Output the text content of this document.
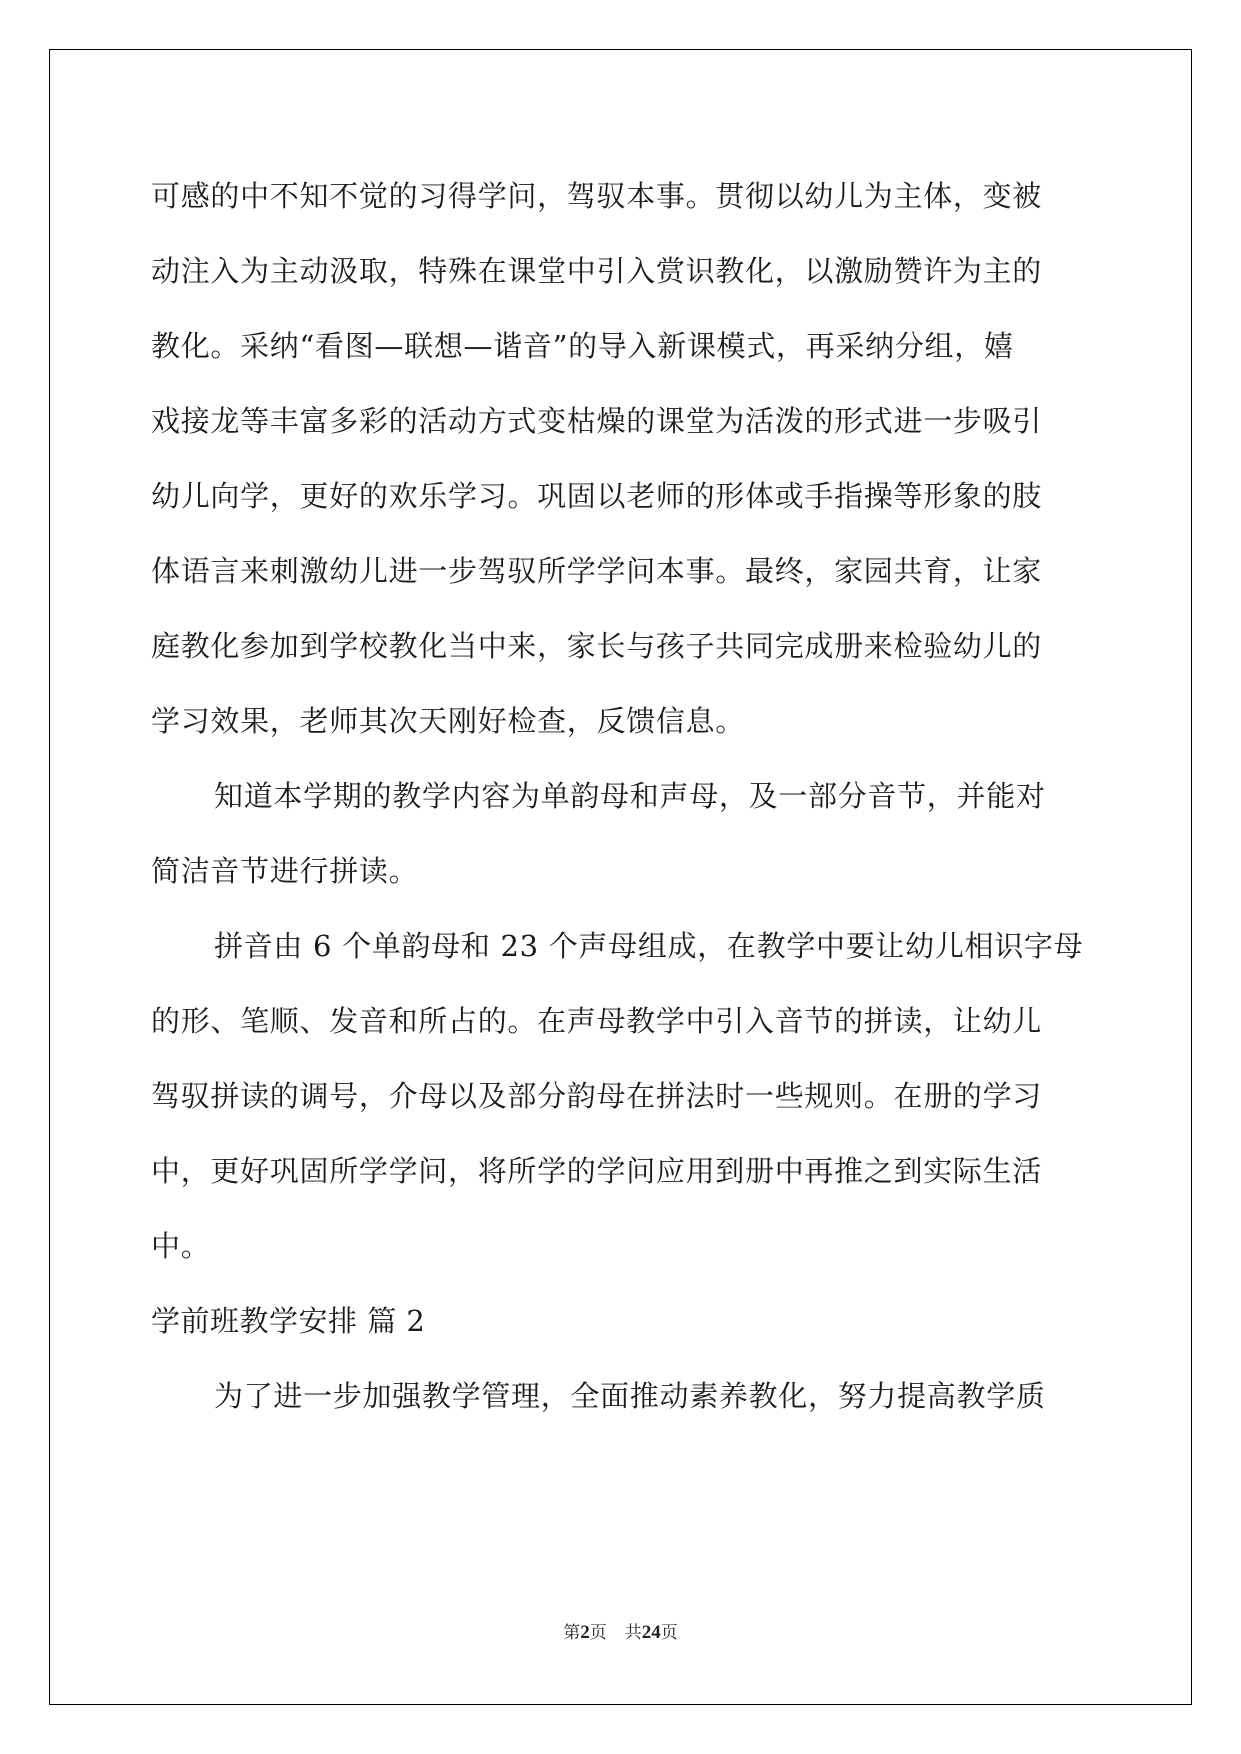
可感的中不知不觉的习得学问，驾驭本事。贯彻以幼儿为主体，变被
动注入为主动汲取，特殊在课堂中引入赏识教化，以激励赞许为主的
教化。采纳“看图—联想—谐音”的导入新课模式，再采纳分组，嬉
戏接龙等丰富多彩的活动方式变枯燥的课堂为活泼的形式进一步吸引
幼儿向学，更好的欢乐学习。巩固以老师的形体或手指操等形象的肢
体语言来刺激幼儿进一步驾驭所学学问本事。最终，家园共育，让家
庭教化参加到学校教化当中来，家长与孩子共同完成册来检验幼儿的
学习效果，老师其次天刚好检查，反馈信息。
知道本学期的教学内容为单韵母和声母，及一部分音节，并能对
简洁音节进行拼读。
拼音由 6 个单韵母和 23 个声母组成，在教学中要让幼儿相识字母
的形、笔顺、发音和所占的。在声母教学中引入音节的拼读，让幼儿
驾驭拼读的调号，介母以及部分韵母在拼法时一些规则。在册的学习
中，更好巩固所学学问，将所学的学问应用到册中再推之到实际生活
中。
学前班教学安排 篇 2
为了进一步加强教学管理，全面推动素养教化，努力提高教学质
第2页 共24页
